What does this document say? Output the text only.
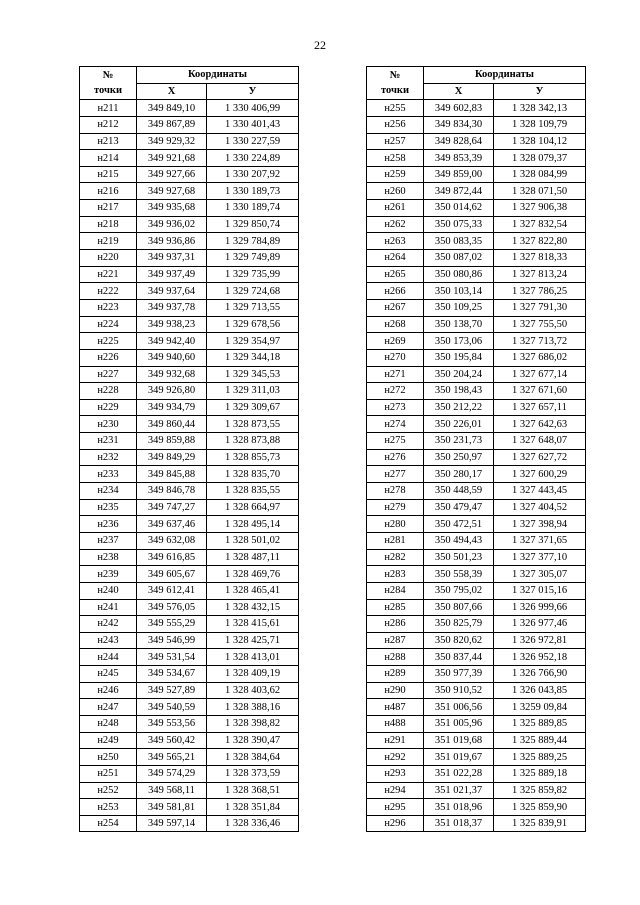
22
№
точки	Координаты	
	Х	У
н211	349 849,10	1 330 406,99
н212	349 867,89	1 330 401,43
н213	349 929,32	1 330 227,59
н214	349 921,68	1 330 224,89
н215	349 927,66	1 330 207,92
н216	349 927,68	1 330 189,73
н217	349 935,68	1 330 189,74
н218	349 936,02	1 329 850,74
н219	349 936,86	1 329 784,89
н220	349 937,31	1 329 749,89
н221	349 937,49	1 329 735,99
н222	349 937,64	1 329 724,68
н223	349 937,78	1 329 713,55
н224	349 938,23	1 329 678,56
н225	349 942,40	1 329 354,97
н226	349 940,60	1 329 344,18
н227	349 932,68	1 329 345,53
н228	349 926,80	1 329 311,03
н229	349 934,79	1 329 309,67
н230	349 860,44	1 328 873,55
н231	349 859,88	1 328 873,88
н232	349 849,29	1 328 855,73
н233	349 845,88	1 328 835,70
н234	349 846,78	1 328 835,55
н235	349 747,27	1 328 664,97
н236	349 637,46	1 328 495,14
н237	349 632,08	1 328 501,02
н238	349 616,85	1 328 487,11
н239	349 605,67	1 328 469,76
н240	349 612,41	1 328 465,41
н241	349 576,05	1 328 432,15
н242	349 555,29	1 328 415,61
н243	349 546,99	1 328 425,71
н244	349 531,54	1 328 413,01
н245	349 534,67	1 328 409,19
н246	349 527,89	1 328 403,62
н247	349 540,59	1 328 388,16
н248	349 553,56	1 328 398,82
н249	349 560,42	1 328 390,47
н250	349 565,21	1 328 384,64
н251	349 574,29	1 328 373,59
н252	349 568,11	1 328 368,51
н253	349 581,81	1 328 351,84
н254	349 597,14	1 328 336,46
№
точки	Координаты	
	Х	У
н255	349 602,83	1 328 342,13
н256	349 834,30	1 328 109,79
н257	349 828,64	1 328 104,12
н258	349 853,39	1 328 079,37
н259	349 859,00	1 328 084,99
н260	349 872,44	1 328 071,50
н261	350 014,62	1 327 906,38
н262	350 075,33	1 327 832,54
н263	350 083,35	1 327 822,80
н264	350 087,02	1 327 818,33
н265	350 080,86	1 327 813,24
н266	350 103,14	1 327 786,25
н267	350 109,25	1 327 791,30
н268	350 138,70	1 327 755,50
н269	350 173,06	1 327 713,72
н270	350 195,84	1 327 686,02
н271	350 204,24	1 327 677,14
н272	350 198,43	1 327 671,60
н273	350 212,22	1 327 657,11
н274	350 226,01	1 327 642,63
н275	350 231,73	1 327 648,07
н276	350 250,97	1 327 627,72
н277	350 280,17	1 327 600,29
н278	350 448,59	1 327 443,45
н279	350 479,47	1 327 404,52
н280	350 472,51	1 327 398,94
н281	350 494,43	1 327 371,65
н282	350 501,23	1 327 377,10
н283	350 558,39	1 327 305,07
н284	350 795,02	1 327 015,16
н285	350 807,66	1 326 999,66
н286	350 825,79	1 326 977,46
н287	350 820,62	1 326 972,81
н288	350 837,44	1 326 952,18
н289	350 977,39	1 326 766,90
н290	350 910,52	1 326 043,85
н487	351 006,56	1 3259 09,84
н488	351 005,96	1 325 889,85
н291	351 019,68	1 325 889,44
н292	351 019,67	1 325 889,25
н293	351 022,28	1 325 889,18
н294	351 021,37	1 325 859,82
н295	351 018,96	1 325 859,90
н296	351 018,37	1 325 839,91
